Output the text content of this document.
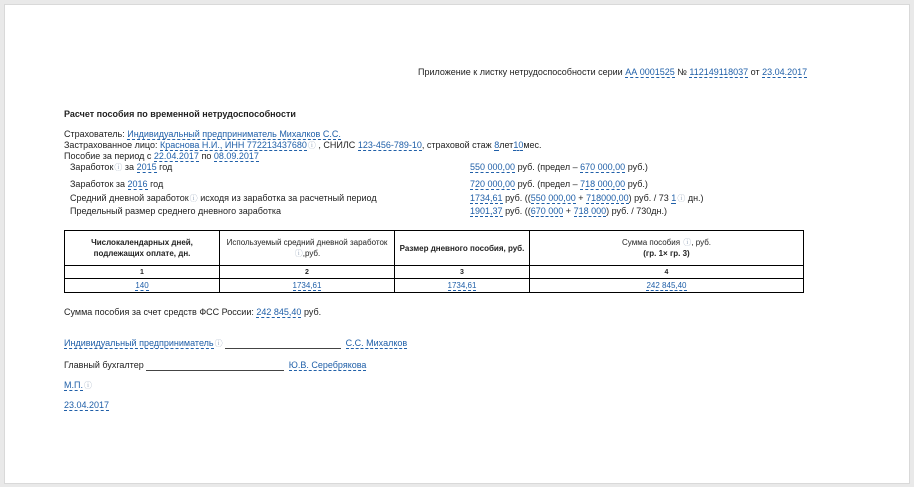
Приложение к листку нетрудоспособности серии АА 0001525 № 112149118037 от 23.04.2017
Расчет пособия по временной нетрудоспособности
Страхователь: Индивидуальный предприниматель Михалков С.С.
Застрахованное лицо: Краснова Н.И., ИНН 772213437680ⓘ , СНИЛС 123-456-789-10, страховой стаж 8лет10мес.
Пособие за период с 22.04.2017 по 08.09.2017
Заработокⓘ за 2015 год	550 000,00 руб. (предел – 670 000,00 руб.)
Заработок за 2016 год	720 000,00 руб. (предел – 718 000,00 руб.)
Средний дневной заработокⓘ исходя из заработка за расчетный период	1734,61 руб. ((550 000,00 + 718000,00) руб. / 73 1ⓘ дн.)
Предельный размер среднего дневного заработка	1901,37 руб. ((670 000 + 718 000) руб. / 730дн.)
Числокалендарных дней, подлежащих оплате, дн.	Используемый средний дневной заработок ⓘ,руб.	Размер дневного пособия, руб.	Сумма пособия ⓘ, руб.
(гр. 1× гр. 3)
1	2	3	4
140	1734,61	1734,61	242 845,40
Сумма пособия за счет средств ФСС России: 242 845,40 руб.
Индивидуальный предпринимательⓘ	С.С. Михалков
Главный бухгалтер	Ю.В. Серебрякова
М.П.ⓘ
23.04.2017
